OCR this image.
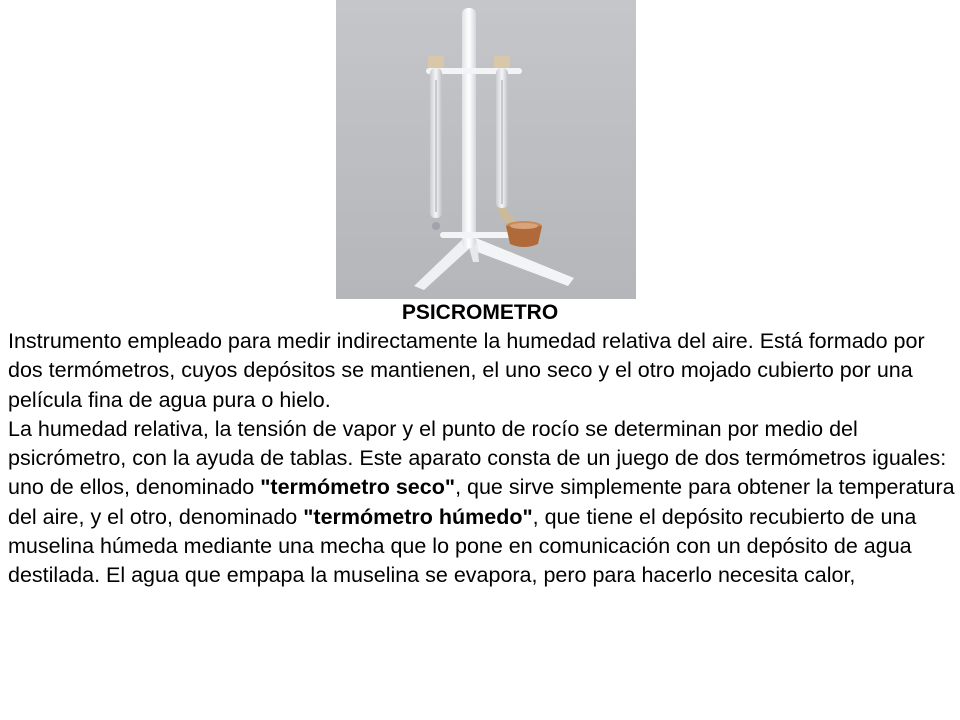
PSICROMETRO

Instrumento empleado para medir indirectamente la humedad relativa del aire. Está formado por dos termómetros, cuyos depósitos se mantienen, el uno seco y el otro mojado cubierto por una película fina de agua pura o hielo.

La humedad relativa, la tensión de vapor y el punto de rocío se determinan por medio del psicrómetro, con la ayuda de tablas. Este aparato consta de un juego de dos termómetros iguales: uno de ellos, denominado "termómetro seco", que sirve simplemente para obtener la temperatura del aire, y el otro, denominado "termómetro húmedo", que tiene el depósito recubierto de una muselina húmeda mediante una mecha que lo pone en comunicación con un depósito de agua destilada. El agua que empapa la muselina se evapora, pero para hacerlo necesita calor,
